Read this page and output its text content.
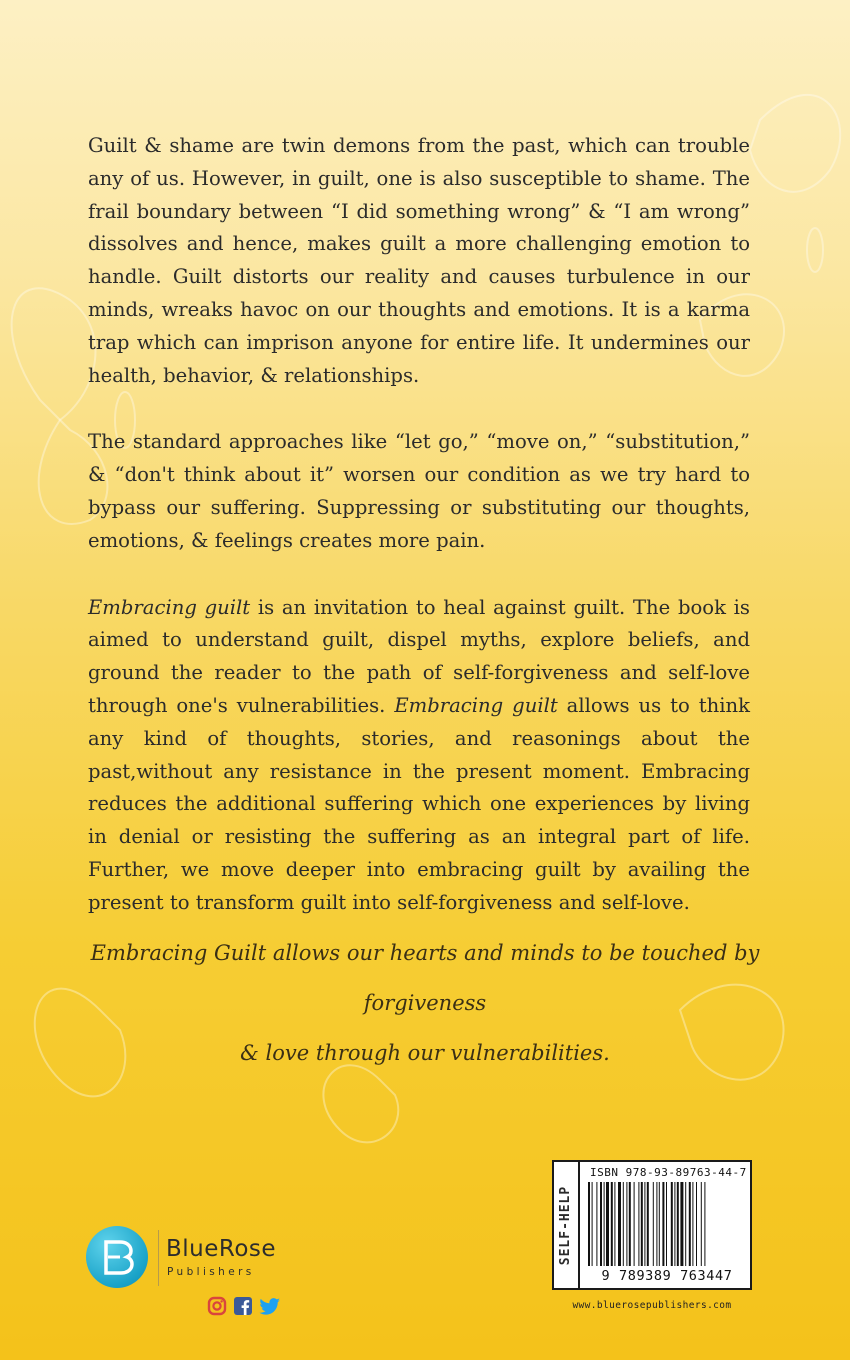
Guilt & shame are twin demons from the past, which can trouble any of us. However, in guilt, one is also susceptible to shame. The frail boundary between “I did something wrong” & “I am wrong” dissolves and hence, makes guilt a more challenging emotion to handle. Guilt distorts our reality and causes turbulence in our minds, wreaks havoc on our thoughts and emotions. It is a karma trap which can imprison anyone for entire life. It undermines our health, behavior, & relationships.

The standard approaches like “let go,” “move on,” “substitution,” & “don't think about it” worsen our condition as we try hard to bypass our suffering. Suppressing or substituting our thoughts, emotions, & feelings creates more pain.

Embracing guilt is an invitation to heal against guilt. The book is aimed to understand guilt, dispel myths, explore beliefs, and ground the reader to the path of self-forgiveness and self-love through one's vulnerabilities. Embracing guilt allows us to think any kind of thoughts, stories, and reasonings about the past,without any resistance in the present moment. Embracing reduces the additional suffering which one experiences by living in denial or resisting the suffering as an integral part of life. Further, we move deeper into embracing guilt by availing the present to transform guilt into self-forgiveness and self-love.

Embracing Guilt allows our hearts and minds to be touched by forgiveness
& love through our vulnerabilities.
BlueRose
Publishers
SELF-HELP
ISBN 978-93-89763-44-7
9 789389 763447
www.bluerosepublishers.com
